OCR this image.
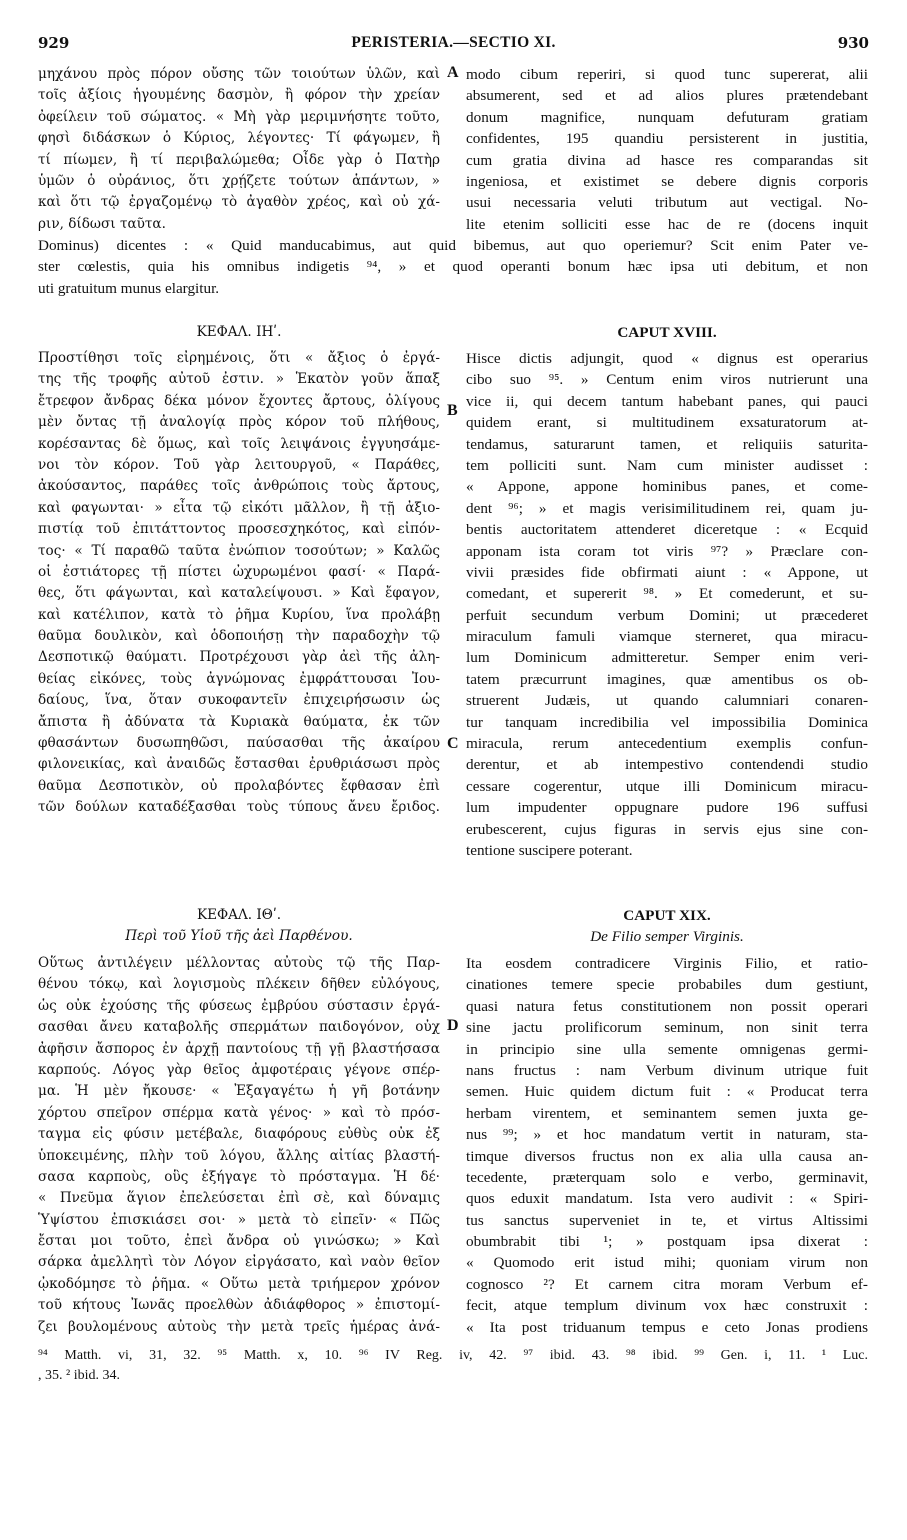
929	PERISTERIA.—SECTIO XI.	930
A
B
C
D
μηχάνου πρὸς πόρον οὔσης τῶν τοιούτων ὑλῶν, καὶ
τοῖς ἀξίοις ἡγουμένης δασμὸν, ἢ φόρον τὴν χρείαν
ὀφείλειν τοῦ σώματος. « Μὴ γὰρ μεριμνήσητε τοῦτο,
φησὶ διδάσκων ὁ Κύριος, λέγοντες· Τί φάγωμεν, ἢ
τί πίωμεν, ἢ τί περιβαλώμεθα; Οἶδε γὰρ ὁ Πατὴρ
ὑμῶν ὁ οὐράνιος, ὅτι χρῄζετε τούτων ἁπάντων, »
καὶ ὅτι τῷ ἐργαζομένῳ τὸ ἀγαθὸν χρέος, καὶ οὐ χά-
ριν, δίδωσι ταῦτα.
modo cibum reperiri, si quod tunc supererat, alii
absumerent, sed et ad alios plures prætendebant
donum magnifice, nunquam defuturam gratiam
confidentes, 195 quandiu persisterent in justitia,
cum gratia divina ad hasce res comparandas sit
ingeniosa, et existimet se debere dignis corporis
usui necessaria veluti tributum aut vectigal. No-
lite etenim solliciti esse hac de re (docens inquit
Dominus) dicentes : « Quid manducabimus, aut quid bibemus, aut quo operiemur? Scit enim Pater ve-
ster cœlestis, quia his omnibus indigetis ⁹⁴, » et quod operanti bonum hæc ipsa uti debitum, et non
uti gratuitum munus elargitur.
ΚΕΦΑΛ. ΙΗʹ.	CAPUT XVIII.
Προστίθησι τοῖς εἰρημένοις, ὅτι « ἄξιος ὁ ἐργά-
της τῆς τροφῆς αὐτοῦ ἐστιν. » Ἑκατὸν γοῦν ἅπαξ
ἔτρεφον ἄνδρας δέκα μόνον ἔχοντες ἄρτους, ὀλίγους
μὲν ὄντας τῇ ἀναλογίᾳ πρὸς κόρον τοῦ πλήθους,
κορέσαντας δὲ ὅμως, καὶ τοῖς λειψάνοις ἐγγυησάμε-
νοι τὸν κόρον. Τοῦ γὰρ λειτουργοῦ, « Παράθες,
ἀκούσαντος, παράθες τοῖς ἀνθρώποις τοὺς ἄρτους,
καὶ φαγωνται· » εἶτα τῷ εἰκότι μᾶλλον, ἢ τῇ ἀξιο-
πιστίᾳ τοῦ ἐπιτάττοντος προσεσχηκότος, καὶ εἰπόν-
τος· « Τί παραθῶ ταῦτα ἐνώπιον τοσούτων; » Καλῶς
οἱ ἐστιάτορες τῇ πίστει ὠχυρωμένοι φασί· « Παρά-
θες, ὅτι φάγωνται, καὶ καταλείψουσι. » Καὶ ἔφαγον,
καὶ κατέλιπον, κατὰ τὸ ῥῆμα Κυρίου, ἵνα προλάβῃ
θαῦμα δουλικὸν, καὶ ὁδοποιήσῃ τὴν παραδοχὴν τῷ
Δεσποτικῷ θαύματι. Προτρέχουσι γὰρ ἀεὶ τῆς ἀλη-
θείας εἰκόνες, τοὺς ἀγνώμονας ἐμφράττουσαι Ἰου-
δαίους, ἵνα, ὅταν συκοφαντεῖν ἐπιχειρήσωσιν ὡς
ἄπιστα ἢ ἀδύνατα τὰ Κυριακὰ θαύματα, ἐκ τῶν
φθασάντων δυσωπηθῶσι, παύσασθαι τῆς ἀκαίρου
φιλονεικίας, καὶ ἀναιδῶς ἔστασθαι ἐρυθριάσωσι πρὸς
θαῦμα Δεσποτικὸν, οὐ προλαβόντες ἔφθασαν ἐπὶ
τῶν δούλων καταδέξασθαι τοὺς τύπους ἄνευ ἔριδος.
Hisce dictis adjungit, quod « dignus est operarius
cibo suo ⁹⁵. » Centum enim viros nutrierunt una
vice ii, qui decem tantum habebant panes, qui pauci
quidem erant, si multitudinem exsaturatorum at-
tendamus, saturarunt tamen, et reliquiis saturita-
tem polliciti sunt. Nam cum minister audisset :
« Appone, appone hominibus panes, et come-
dent ⁹⁶; » et magis verisimilitudinem rei, quam ju-
bentis auctoritatem attenderet diceretque : « Ecquid
apponam ista coram tot viris ⁹⁷? » Præclare con-
vivii præsides fide obfirmati aiunt : « Appone, ut
comedant, et supererit ⁹⁸. » Et comederunt, et su-
perfuit secundum verbum Domini; ut præcederet
miraculum famuli viamque sterneret, qua miracu-
lum Dominicum admitteretur. Semper enim veri-
tatem præcurrunt imagines, quæ amentibus os ob-
struerent Judæis, ut quando calumniari conaren-
tur tanquam incredibilia vel impossibilia Dominica
miracula, rerum antecedentium exemplis confun-
derentur, et ab intempestivo contendendi studio
cessare cogerentur, utque illi Dominicum miracu-
lum impudenter oppugnare pudore 196 suffusi
erubescerent, cujus figuras in servis ejus sine con-
tentione suscipere poterant.
ΚΕΦΑΛ. ΙΘʹ.
Περὶ τοῦ Υἱοῦ τῆς ἀεὶ Παρθένου.
CAPUT XIX.
De Filio semper Virginis.
Οὕτως ἀντιλέγειν μέλλοντας αὐτοὺς τῷ τῆς Παρ-
θένου τόκῳ, καὶ λογισμοὺς πλέκειν δῆθεν εὐλόγους,
ὡς οὐκ ἐχούσης τῆς φύσεως ἐμβρύου σύστασιν ἐργά-
σασθαι ἄνευ καταβολῆς σπερμάτων παιδογόνον, οὐχ
ἀφῆσιν ἄσπορος ἐν ἀρχῇ παντοίους τῇ γῇ βλαστήσασα
καρπούς. Λόγος γὰρ θεῖος ἀμφοτέραις γέγονε σπέρ-
μα. Ἡ μὲν ἤκουσε· « Ἐξαγαγέτω ἡ γῆ βοτάνην
χόρτου σπεῖρον σπέρμα κατὰ γένος· » καὶ τὸ πρόσ-
ταγμα εἰς φύσιν μετέβαλε, διαφόρους εὐθὺς οὐκ ἐξ
ὑποκειμένης, πλὴν τοῦ λόγου, ἄλλης αἰτίας βλαστή-
σασα καρποὺς, οὓς ἐξήγαγε τὸ πρόσταγμα. Ἡ δέ·
« Πνεῦμα ἅγιον ἐπελεύσεται ἐπὶ σὲ, καὶ δύναμις
Ὑψίστου ἐπισκιάσει σοι· » μετὰ τὸ εἰπεῖν· « Πῶς
ἔσται μοι τοῦτο, ἐπεὶ ἄνδρα οὐ γινώσκω; » Καὶ
σάρκα ἀμελλητὶ τὸν Λόγον εἰργάσατο, καὶ ναὸν θεῖον
ᾠκοδόμησε τὸ ῥῆμα. « Οὕτω μετὰ τριήμερον χρόνον
τοῦ κήτους Ἰωνᾶς προελθὼν ἀδιάφθορος » ἐπιστομί-
ζει βουλομένους αὐτοὺς τὴν μετὰ τρεῖς ἡμέρας ἀνά-
Ita eosdem contradicere Virginis Filio, et ratio-
cinationes temere specie probabiles dum gestiunt,
quasi natura fetus constitutionem non possit operari
sine jactu prolificorum seminum, non sinit terra
in principio sine ulla semente omnigenas germi-
nans fructus : nam Verbum divinum utrique fuit
semen. Huic quidem dictum fuit : « Producat terra
herbam virentem, et seminantem semen juxta ge-
nus ⁹⁹; » et hoc mandatum vertit in naturam, sta-
timque diversos fructus non ex alia ulla causa an-
tecedente, præterquam solo e verbo, germinavit,
quos eduxit mandatum. Ista vero audivit : « Spiri-
tus sanctus superveniet in te, et virtus Altissimi
obumbrabit tibi ¹; » postquam ipsa dixerat :
« Quomodo erit istud mihi; quoniam virum non
cognosco ²? Et carnem citra moram Verbum ef-
fecit, atque templum divinum vox hæc construxit :
« Ita post triduanum tempus e ceto Jonas prodiens
⁹⁴ Matth. vi, 31, 32. ⁹⁵ Matth. x, 10. ⁹⁶ IV Reg. iv, 42. ⁹⁷ ibid. 43. ⁹⁸ ibid. ⁹⁹ Gen. i, 11. ¹ Luc.
, 35. ² ibid. 34.
